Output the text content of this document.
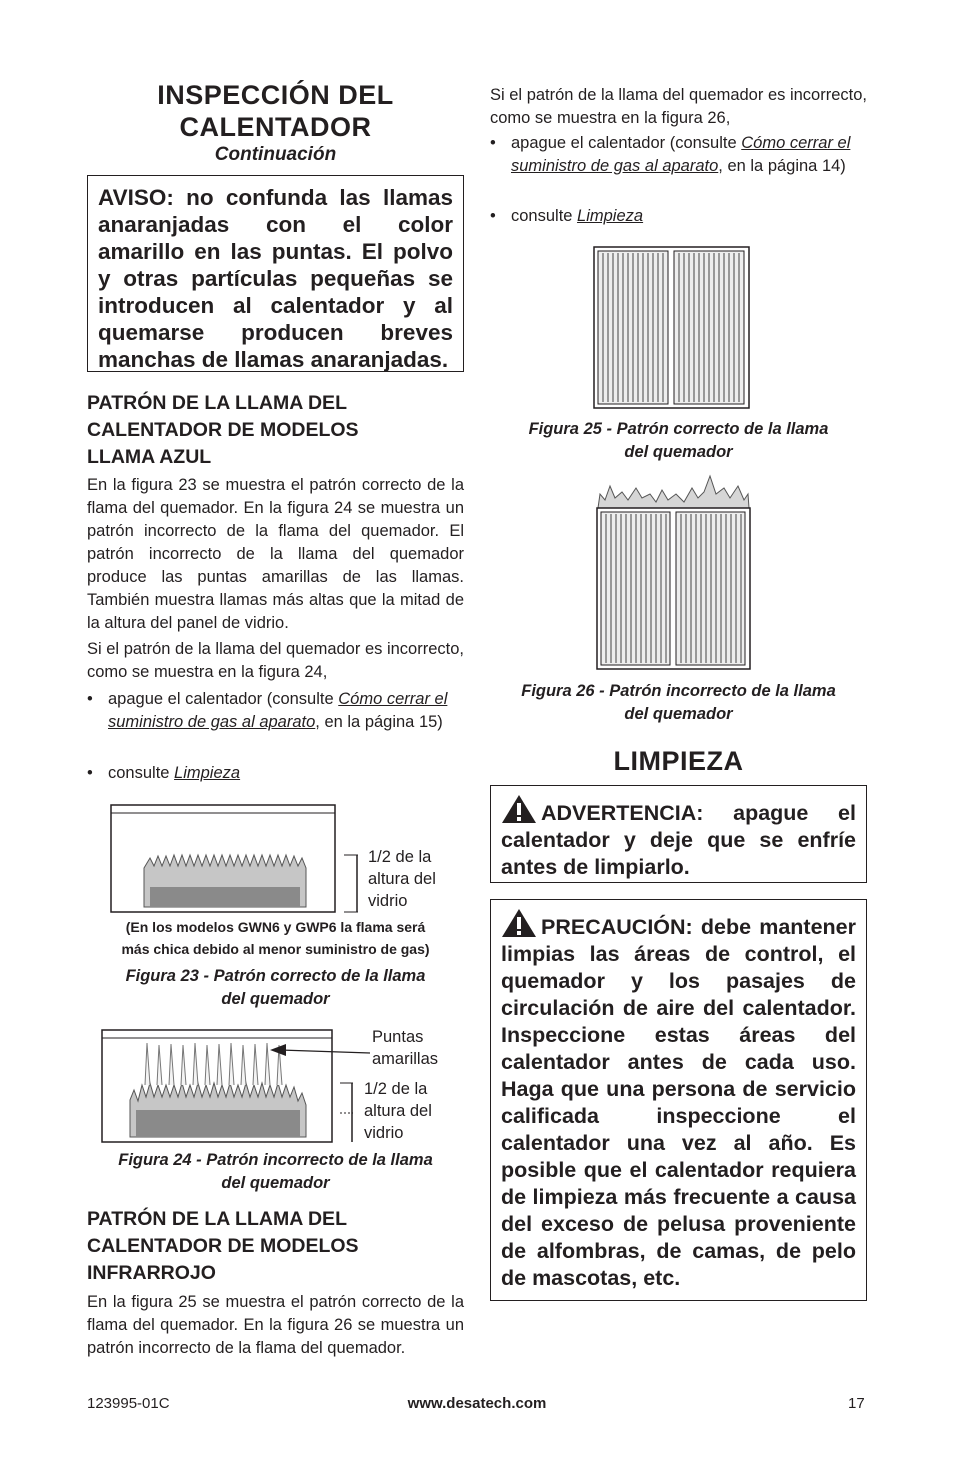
INSPECCIÓN DEL
CALENTADOR
Continuación
AVISO: no confunda las llamas anaranjadas con el color amarillo en las puntas. El polvo y otras partículas pequeñas se introducen al calentador y al quemarse producen breves manchas de llamas anaranjadas.
PATRÓN DE LA LLAMA DEL
CALENTADOR DE MODELOS
LLAMA AZUL
En la figura 23 se muestra el patrón correcto de la flama del quemador. En la figura 24 se muestra un patrón incorrecto de la flama del quemador. El patrón incorrecto de la llama del quemador produce las puntas amarillas de las llamas. También muestra llamas más altas que la mitad de la altura del panel de vidrio.
Si el patrón de la llama del quemador es incorrecto, como se muestra en la figura 24,
• apague el calentador (consulte Cómo cerrar el suministro de gas al aparato, en la página 15)
• consulte Limpieza
1/2 de la altura del vidrio
(En los modelos GWN6 y GWP6 la flama será
más chica debido al menor suministro de gas)
Figura 23 - Patrón correcto de la llama
del quemador
Puntas amarillas
1/2 de la altura del vidrio
Figura 24 - Patrón incorrecto de la llama
del quemador
PATRÓN DE LA LLAMA DEL
CALENTADOR DE MODELOS
INFRARROJO
En la figura 25 se muestra el patrón correcto de la flama del quemador. En la figura 26 se muestra un patrón incorrecto de la flama del quemador.
Si el patrón de la llama del quemador es incorrecto, como se muestra en la figura 26,
• apague el calentador (consulte Cómo cerrar el suministro de gas al aparato, en la página 14)
• consulte Limpieza
Figura 25 - Patrón correcto de la llama
del quemador
Figura 26 - Patrón incorrecto de la llama
del quemador
LIMPIEZA
ADVERTENCIA: apague el calentador y deje que se enfríe antes de limpiarlo.
PRECAUCIÓN: debe mantener limpias las áreas de control, el quemador y los pasajes de circulación de aire del calentador. Inspeccione estas áreas del calentador antes de cada uso. Haga que una persona de servicio calificada inspeccione el calentador una vez al año. Es posible que el calentador requiera de limpieza más frecuente a causa del exceso de pelusa proveniente de alfombras, de camas, de pelo de mascotas, etc.
123995-01C	www.desatech.com	17
